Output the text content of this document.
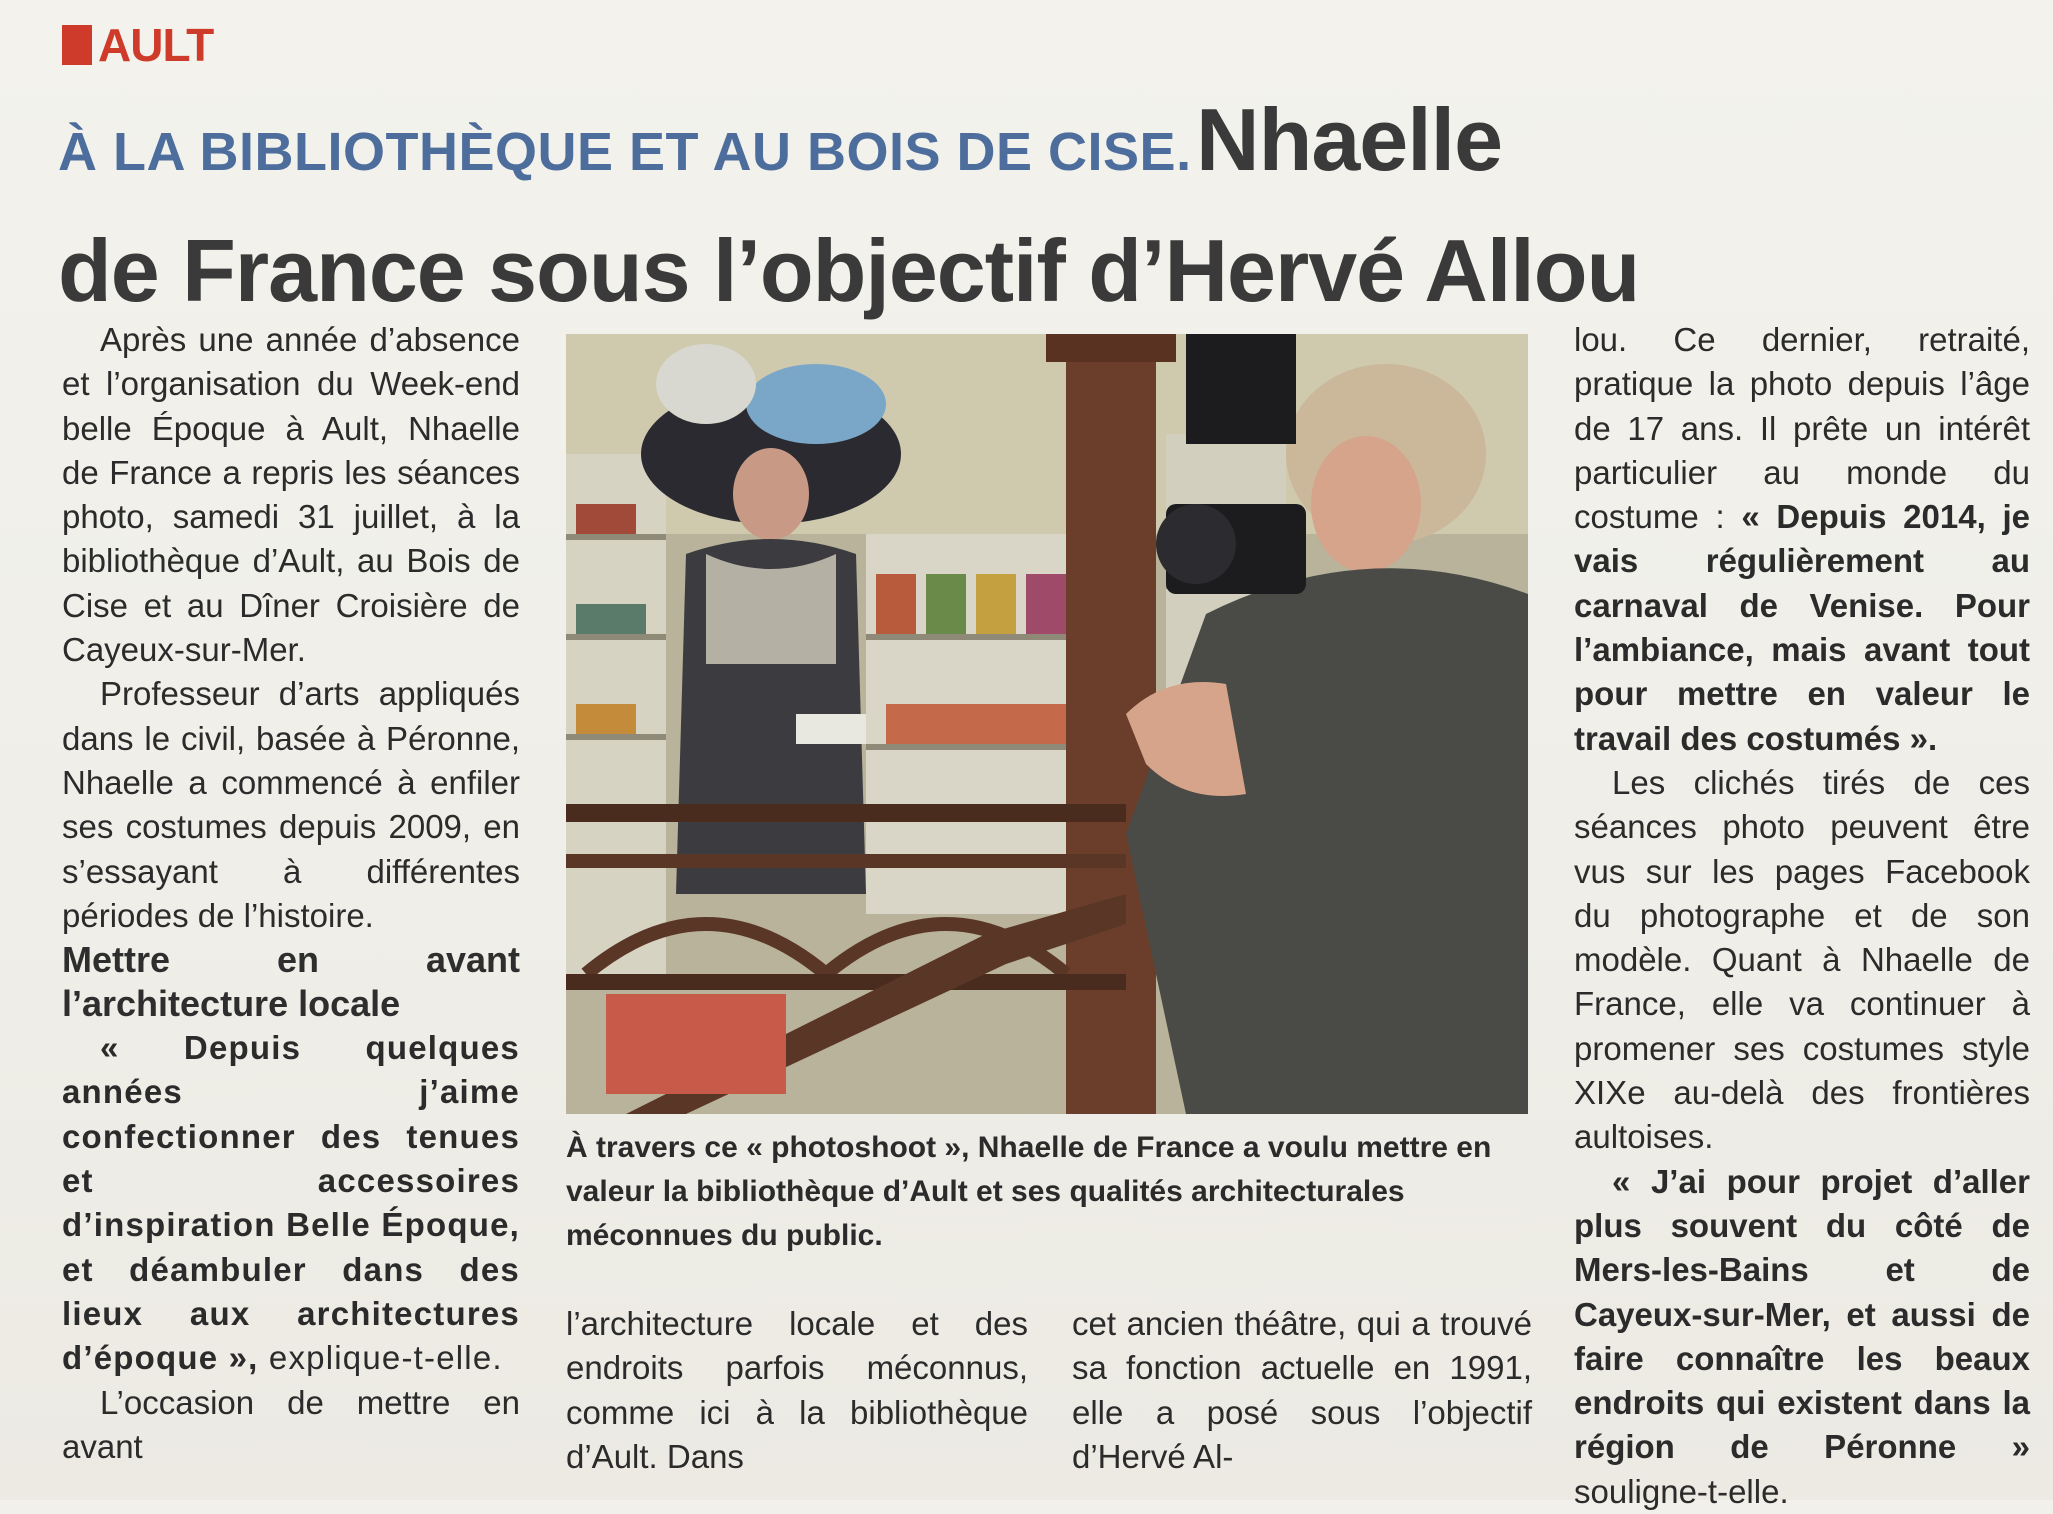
AULT
À LA BIBLIOTHÈQUE ET AU BOIS DE CISE. Nhaelle
de France sous l’objectif d’Hervé Allou

Après une année d’absence et l’organisation du Week-end belle Époque à Ault, Nhaelle de France a repris les séances photo, samedi 31 juillet, à la bibliothèque d’Ault, au Bois de Cise et au Dîner Croisière de Cayeux-sur-Mer.

Professeur d’arts appliqués dans le civil, basée à Péronne, Nhaelle a commencé à enfiler ses costumes depuis 2009, en s’essayant à différentes périodes de l’histoire.

Mettre en avant l’architecture locale

« Depuis quelques années j’aime confectionner des tenues et accessoires d’inspiration Belle Époque, et déambuler dans des lieux aux architectures d’époque », explique-t-elle.

L’occasion de mettre en avant

À travers ce « photoshoot », Nhaelle de France a voulu mettre en valeur la bibliothèque d’Ault et ses qualités architecturales méconnues du public.

l’architecture locale et des endroits parfois méconnus, comme ici à la bibliothèque d’Ault. Dans

cet ancien théâtre, qui a trouvé sa fonction actuelle en 1991, elle a posé sous l’objectif d’Hervé Al-

lou. Ce dernier, retraité, pratique la photo depuis l’âge de 17 ans. Il prête un intérêt particulier au monde du costume : « Depuis 2014, je vais régulièrement au carnaval de Venise. Pour l’ambiance, mais avant tout pour mettre en valeur le travail des costumés ».

Les clichés tirés de ces séances photo peuvent être vus sur les pages Facebook du photographe et de son modèle. Quant à Nhaelle de France, elle va continuer à promener ses costumes style XIXe au-delà des frontières aultoises.

« J’ai pour projet d’aller plus souvent du côté de Mers-les-Bains et de Cayeux-sur-Mer, et aussi de faire connaître les beaux endroits qui existent dans la région de Péronne » souligne-t-elle.
